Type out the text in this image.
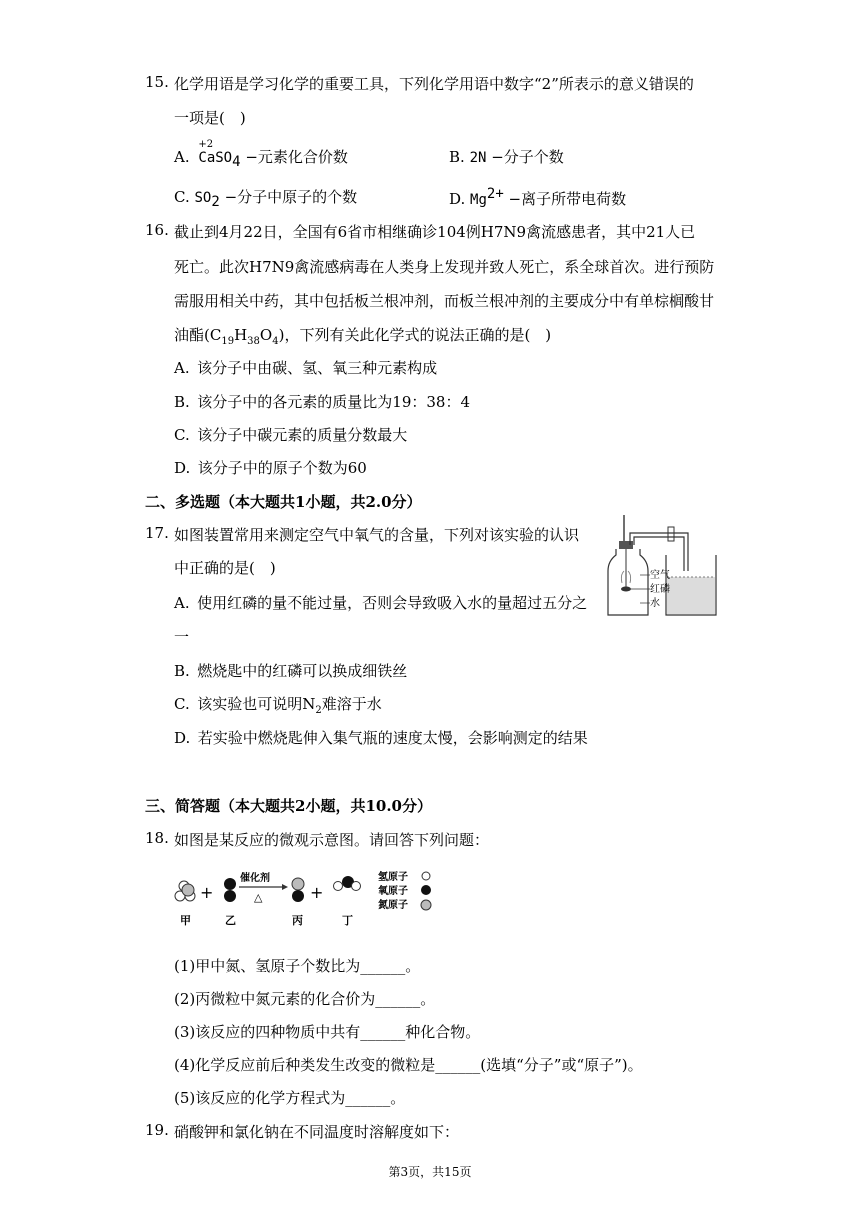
15. 化学用语是学习化学的重要工具，下列化学用语中数字“2”所表示的意义错误的
一项是(  )
A.
+2
CaSO$_4$ −元素化合价数	B. 2N −分子个数
C. $SO_2$ −分子中原子的个数	D. $Mg^{2+}$ −离子所带电荷数
16. 截止到4月22日，全国有6省市相继确诊104例H7N9禽流感患者，其中21人已
死亡。此次H7N9禽流感病毒在人类身上发现并致人死亡，系全球首次。进行预防
需服用相关中药，其中包括板兰根冲剂，而板兰根冲剂的主要成分中有单棕榈酸甘
油酯$(C_{19}H_{38}O_4)$，下列有关此化学式的说法正确的是(  )
A. 该分子中由碳、氢、氧三种元素构成
B. 该分子中的各元素的质量比为19：38：4
C. 该分子中碳元素的质量分数最大
D. 该分子中的原子个数为60
二、多选题（本大题共1小题，共2.0分）
17. 如图装置常用来测定空气中氧气的含量，下列对该实验的认识
中正确的是(  )
A. 使用红磷的量不能过量，否则会导致吸入水的量超过五分之
一
B. 燃烧匙中的红磷可以换成细铁丝
C. 该实验也可说明$N_2$难溶于水
D. 若实验中燃烧匙伸入集气瓶的速度太慢，会影响测定的结果
空气
红磷
水
三、简答题（本大题共2小题，共10.0分）
18. 如图是某反应的微观示意图。请回答下列问题：
+
催化剂
△	+
甲	乙	丙	丁
氢原子
氧原子
氮原子
(1)甲中氮、氢原子个数比为______。
(2)丙微粒中氮元素的化合价为______。
(3)该反应的四种物质中共有______种化合物。
(4)化学反应前后种类发生改变的微粒是______(选填“分子”或“原子”)。
(5)该反应的化学方程式为______。
19. 硝酸钾和氯化钠在不同温度时溶解度如下：
第3页，共15页
